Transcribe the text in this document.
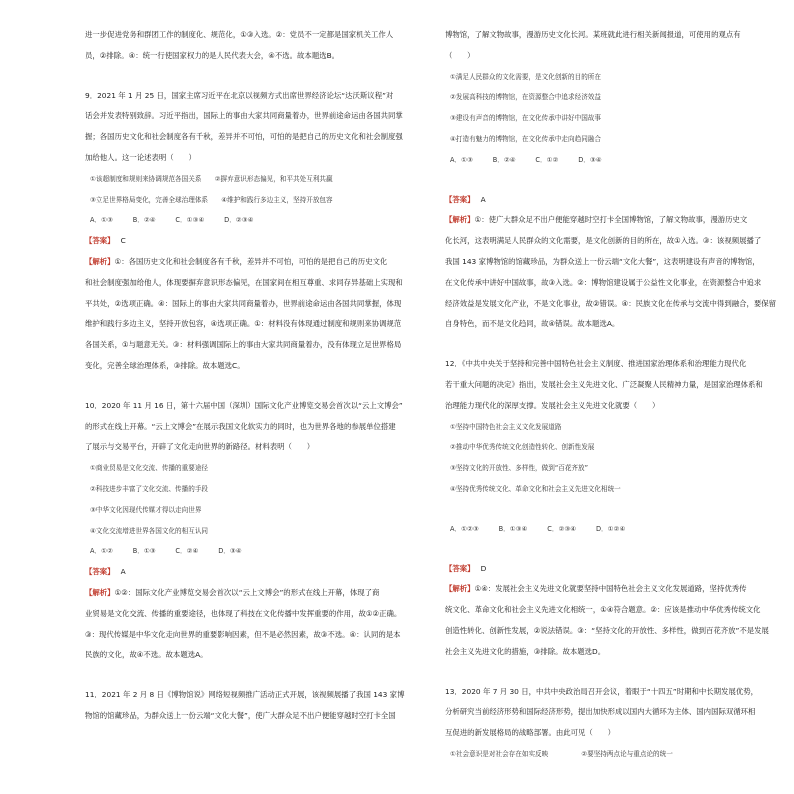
进一步促进党务和群团工作的制度化、规范化，①③入选。②：党员不一定都是国家机关工作人
员，②排除。④：统一行使国家权力的是人民代表大会，④不选。故本题选B。
9．2021 年 1 月 25 日，国家主席习近平在北京以视频方式出席世界经济论坛“达沃斯议程”对
话会并发表特别致辞。习近平指出，国际上的事由大家共同商量着办，世界前途命运由各国共同掌
握；各国历史文化和社会制度各有千秋，差异并不可怕，可怕的是把自己的历史文化和社会制度强
加给他人。这一论述表明（　　）
①该超制度和规则来协调规范各国关系　　②摒弃意识形态偏见，和平共处互利共赢
③立足世界格局变化，完善全球治理体系　　④维护和践行多边主义，坚持开放包容
A．①③　　　B．②④　　　C．①③④　　　D．②③④
【答案】 C
【解析】①：各国历史文化和社会制度各有千秋，差异并不可怕，可怕的是把自己的历史文化
和社会制度强加给他人，体现要摒弃意识形态偏见，在国家间在相互尊重、求同存异基础上实现和
平共处，②选项正确。④：国际上的事由大家共同商量着办，世界前途命运由各国共同掌握，体现
维护和践行多边主义，坚持开放包容，④选项正确。①：材料没有体现通过制度和规则来协调规范
各国关系，①与题意无关。③：材料强调国际上的事由大家共同商量着办，没有体现立足世界格局
变化，完善全球治理体系，③排除。故本题选C。
10．2020 年 11 月 16 日，第十六届中国（深圳）国际文化产业博览交易会首次以“云上文博会”
的形式在线上开幕。“云上文博会”在展示我国文化软实力的同时，也为世界各地的参展单位搭建
了展示与交易平台，开辟了文化走向世界的新路径。材料表明（　　）
①商业贸易是文化交流、传播的重要途径
②科技进步丰富了文化交流、传播的手段
③中华文化因现代传媒才得以走向世界
④文化交流增进世界各国文化的相互认同
A．①②　　　B．①③　　　C．②④　　　D．③④
【答案】 A
【解析】①②：国际文化产业博览交易会首次以“云上文博会”的形式在线上开幕，体现了商
业贸易是文化交流、传播的重要途径，也体现了科技在文化传播中发挥重要的作用，故①②正确。
③：现代传媒是中华文化走向世界的重要影响因素，但不是必然因素，故③不选。④：认同的是本
民族的文化，故④不选。故本题选A。
11．2021 年 2 月 8 日《博物馆说》网络短视频推广活动正式开展，该视频展播了我国 143 家博
物馆的馆藏珍品，为群众送上一份云端“文化大餐”，使广大群众足不出户便能穿越时空打卡全国
博物馆，了解文物故事，漫游历史文化长河。某班就此进行相关新闻报道，可使用的观点有
（　　）
①满足人民群众的文化需要，是文化创新的目的所在
②发展高科技的博物馆，在资源整合中追求经济效益
③建设有声音的博物馆，在文化传承中讲好中国故事
④打造有魅力的博物馆，在文化传承中走向趋同融合
A．①③　　　B．②④　　　C．①②　　　D．③④
【答案】 A
【解析】①：使广大群众足不出户便能穿越时空打卡全国博物馆，了解文物故事，漫游历史文
化长河，这表明满足人民群众的文化需要，是文化创新的目的所在，故①入选。③：该视频展播了
我国 143 家博物馆的馆藏珍品，为群众送上一份云端“文化大餐”，这表明建设有声音的博物馆，
在文化传承中讲好中国故事，故③入选。②：博物馆建设属于公益性文化事业，在资源整合中追求
经济效益是发展文化产业，不是文化事业，故②错误。④：民族文化在传承与交流中得到融合，要保留
自身特色，而不是文化趋同，故④错误。故本题选A。
12．《中共中央关于坚持和完善中国特色社会主义制度、推进国家治理体系和治理能力现代化
若干重大问题的决定》指出，发展社会主义先进文化、广泛凝聚人民精神力量，是国家治理体系和
治理能力现代化的深厚支撑。发展社会主义先进文化就要（　　）
①坚持中国特色社会主义文化发展道路
②推动中华优秀传统文化创造性转化、创新性发展
③坚持文化的开放性、多样性，做到“百花齐放”
④坚持优秀传统文化、革命文化和社会主义先进文化相统一
A．①②③　　　B．①③④　　　C．②③④　　　D．①②④
【答案】 D
【解析】①④：发展社会主义先进文化就要坚持中国特色社会主义文化发展道路，坚持优秀传
统文化、革命文化和社会主义先进文化相统一，①④符合题意。②：应该是推动中华优秀传统文化
创造性转化、创新性发展，②说法错误。③：“坚持文化的开放性、多样性，做到百花齐放”不是发展
社会主义先进文化的措施，③排除。故本题选D。
13．2020 年 7 月 30 日，中共中央政治局召开会议，着眼于“十四五”时期和中长期发展优势，
分析研究当前经济形势和国际经济形势，提出加快形成以国内大循环为主体、国内国际双循环相
互促进的新发展格局的战略部署。由此可见（　　）
①社会意识是对社会存在如实反映　　　　　②要坚持两点论与重点论的统一
